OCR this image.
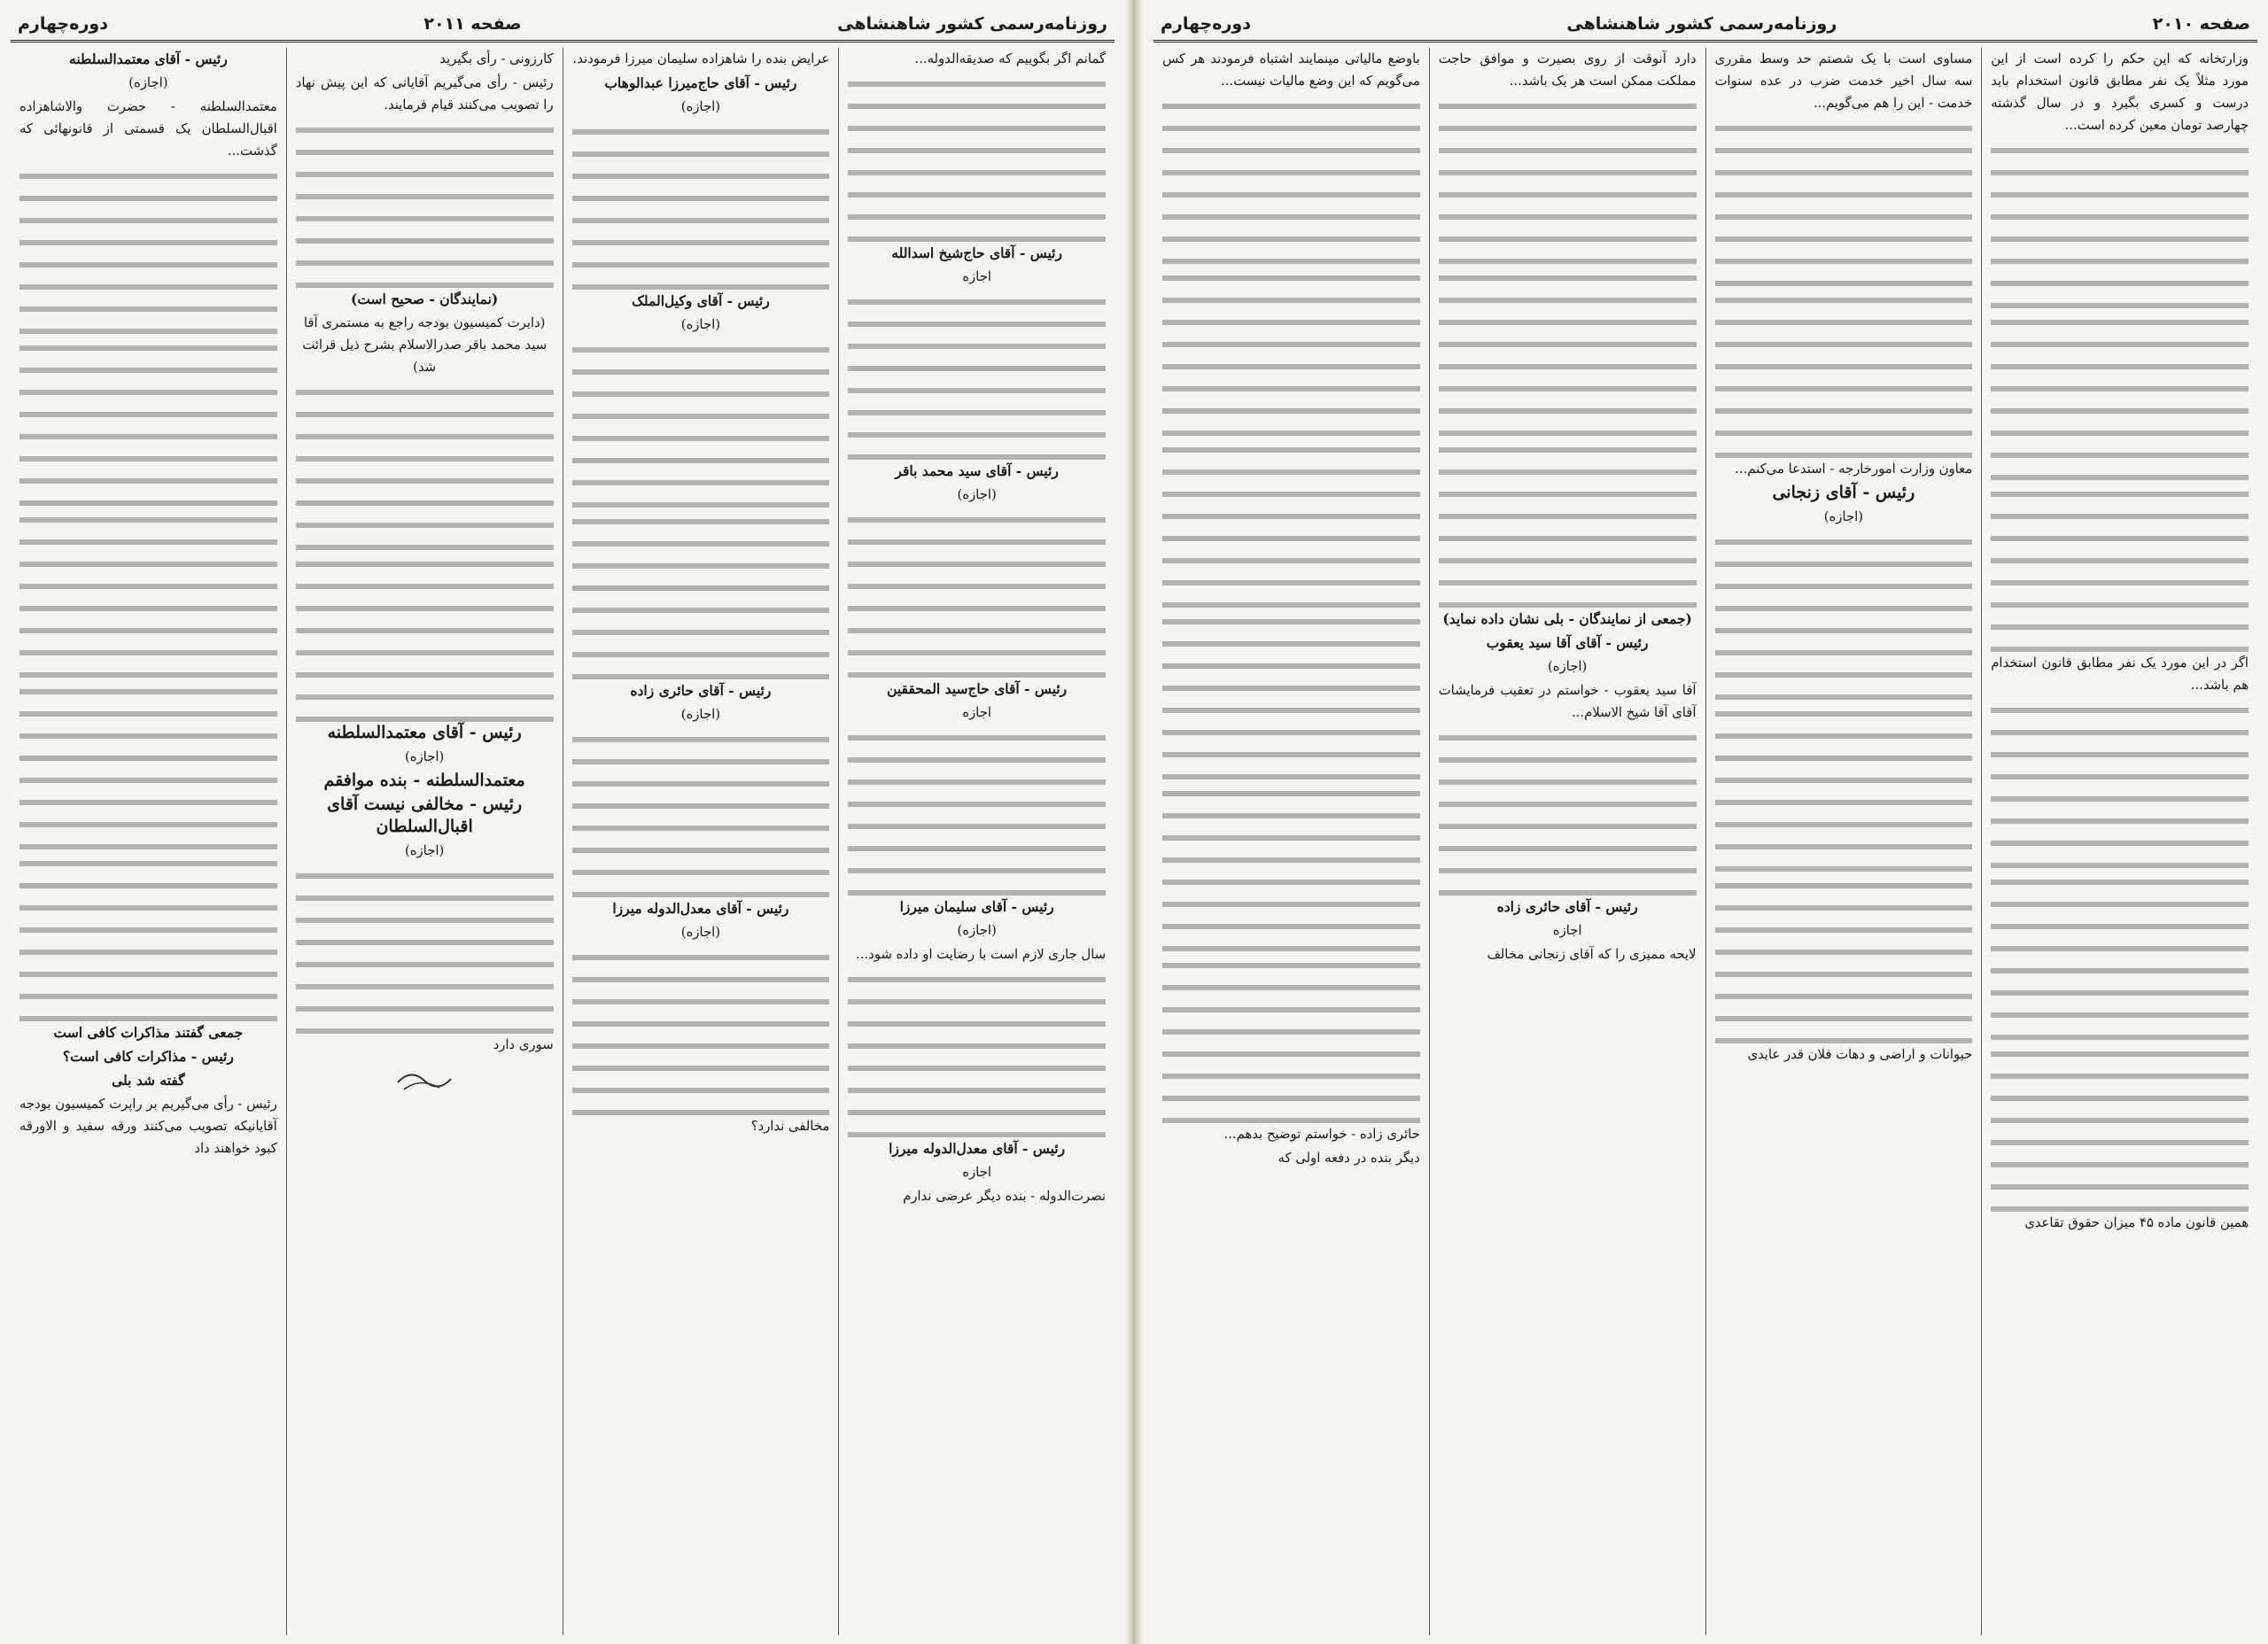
روزنامه‌رسمی کشور شاهنشاهی
صفحه ۲۰۱۱
دوره‌چهارم

گمانم اگر بگوییم که صدیقه‌الدوله...

رئیس - آقای حاج‌شیخ اسدالله

اجازه

رئیس - آقای سید محمد باقر

(اجازه)

رئیس - آقای حاج‌سید المحققین

اجازه

رئیس - آقای سلیمان میرزا

(اجازه)

سال جاری لازم است با رضایت او داده شود...

رئیس - آقای معدل‌الدوله میرزا

اجازه

نصرت‌الدوله - بنده دیگر عرضی ندارم

عرایض بنده را شاهزاده سلیمان میرزا فرمودند.

رئیس - آقای حاج‌میرزا عبدالوهاب

(اجازه)

رئیس - آقای وکیل‌الملک

(اجازه)

رئیس - آقای حائری زاده

(اجازه)

رئیس - آقای معدل‌الدوله میرزا

(اجازه)

مخالفی ندارد؟

کارزونی - رأی بگیرید

رئیس - رأی می‌گیریم آقایانی که این پیش نهاد را تصویب می‌کنند قیام فرمایند.

(نمایندگان - صحیح است)

(دایرت کمیسیون بودجه راجع به مستمری آقا سید محمد باقر صدرالاسلام بشرح ذیل قرائت شد)

رئیس - آقای معتمدالسلطنه

(اجازه)

معتمدالسلطنه - بنده موافقم

رئیس - مخالفی نیست آقای اقبال‌السلطان

(اجازه)

سوری دارد

رئیس - آقای معتمدالسلطنه

(اجازه)

معتمدالسلطنه - حضرت والاشاهزاده اقبال‌السلطان یک قسمتی از قانونهائی که گذشت...

جمعی گفتند مذاکرات کافی است

رئیس - مذاکرات کافی است؟

گفته شد بلی

رئیس - رأی می‌گیریم بر راپرت کمیسیون بودجه آقایانیکه تصویب می‌کنند ورقه سفید و الاورقه کبود خواهند داد

صفحه ۲۰۱۰
روزنامه‌رسمی کشور شاهنشاهی
دوره‌چهارم

وزارتخانه که این حکم را کرده است از این مورد مثلاً یک نفر مطابق قانون استخدام باید درست و کسری بگیرد و در سال گذشته چهارصد تومان معین کرده است...

اگر در این مورد یک نفر مطابق قانون استخدام هم باشد...

همین قانون ماده ۴۵ میزان حقوق تقاعدی

مساوی است با یک شصتم حد وسط مقرری سه سال اخیر خدمت ضرب در عده سنوات خدمت - این را هم می‌گویم...

معاون وزارت امورخارجه - استدعا می‌کنم...

رئیس - آقای زنجانی

(اجازه)

حیوانات و اراضی و دهات فلان قدر عایدی

دارد آنوقت از روی بصیرت و موافق حاجت مملکت ممکن است هر یک باشد...

(جمعی از نمایندگان - بلی نشان داده نماید)

رئیس - آقای آقا سید یعقوب

(اجازه)

آقا سید یعقوب - خواستم در تعقیب فرمایشات آقای آقا شیخ الاسلام...

رئیس - آقای حائری زاده

اجازه

لایحه ممیزی را که آقای زنجانی مخالف

باوضع مالیاتی مینمایند اشتباه فرمودند هر کس می‌گویم که این وضع مالیات نیست...

حائری زاده - خواستم توضیح بدهم...

دیگر بنده در دفعه اولی که
